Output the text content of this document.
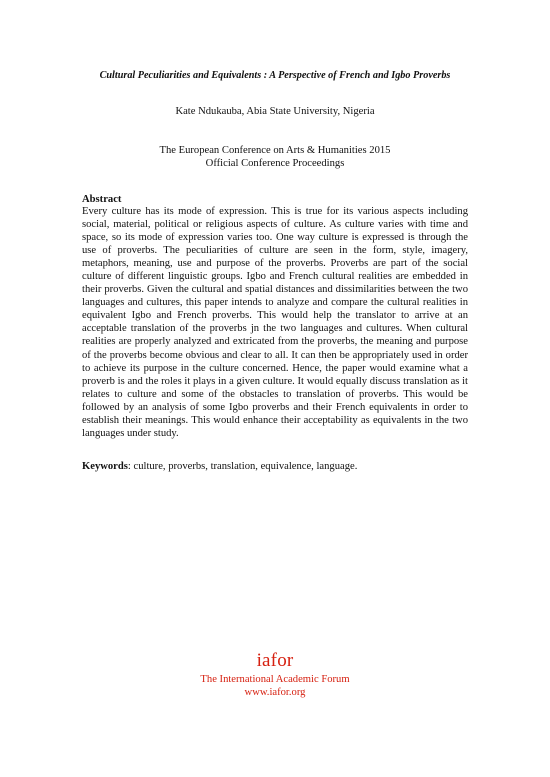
Cultural Peculiarities and Equivalents : A Perspective of French and Igbo Proverbs
Kate Ndukauba, Abia State University, Nigeria
The European Conference on Arts & Humanities 2015
Official Conference Proceedings
Abstract

Every culture has its mode of expression. This is true for its various aspects including social, material, political or religious aspects of culture. As culture varies with time and space, so its mode of expression varies too. One way culture is expressed is through the use of proverbs. The peculiarities of culture are seen in the form, style, imagery, metaphors, meaning, use and purpose of the proverbs. Proverbs are part of the social culture of different linguistic groups. Igbo and French cultural realities are embedded in their proverbs. Given the cultural and spatial distances and dissimilarities between the two languages and cultures, this paper intends to analyze and compare the cultural realities in equivalent Igbo and French proverbs. This would help the translator to arrive at an acceptable translation of the proverbs jn the two languages and cultures. When cultural realities are properly analyzed and extricated from the proverbs, the meaning and purpose of the proverbs become obvious and clear to all. It can then be appropriately used in order to achieve its purpose in the culture concerned. Hence, the paper would examine what a proverb is and the roles it plays in a given culture. It would equally discuss translation as it relates to culture and some of the obstacles to translation of proverbs. This would be followed by an analysis of some Igbo proverbs and their French equivalents in order to establish their meanings. This would enhance their acceptability as equivalents in the two languages under study.

Keywords: culture, proverbs, translation, equivalence, language.
iafor
The International Academic Forum
www.iafor.org
